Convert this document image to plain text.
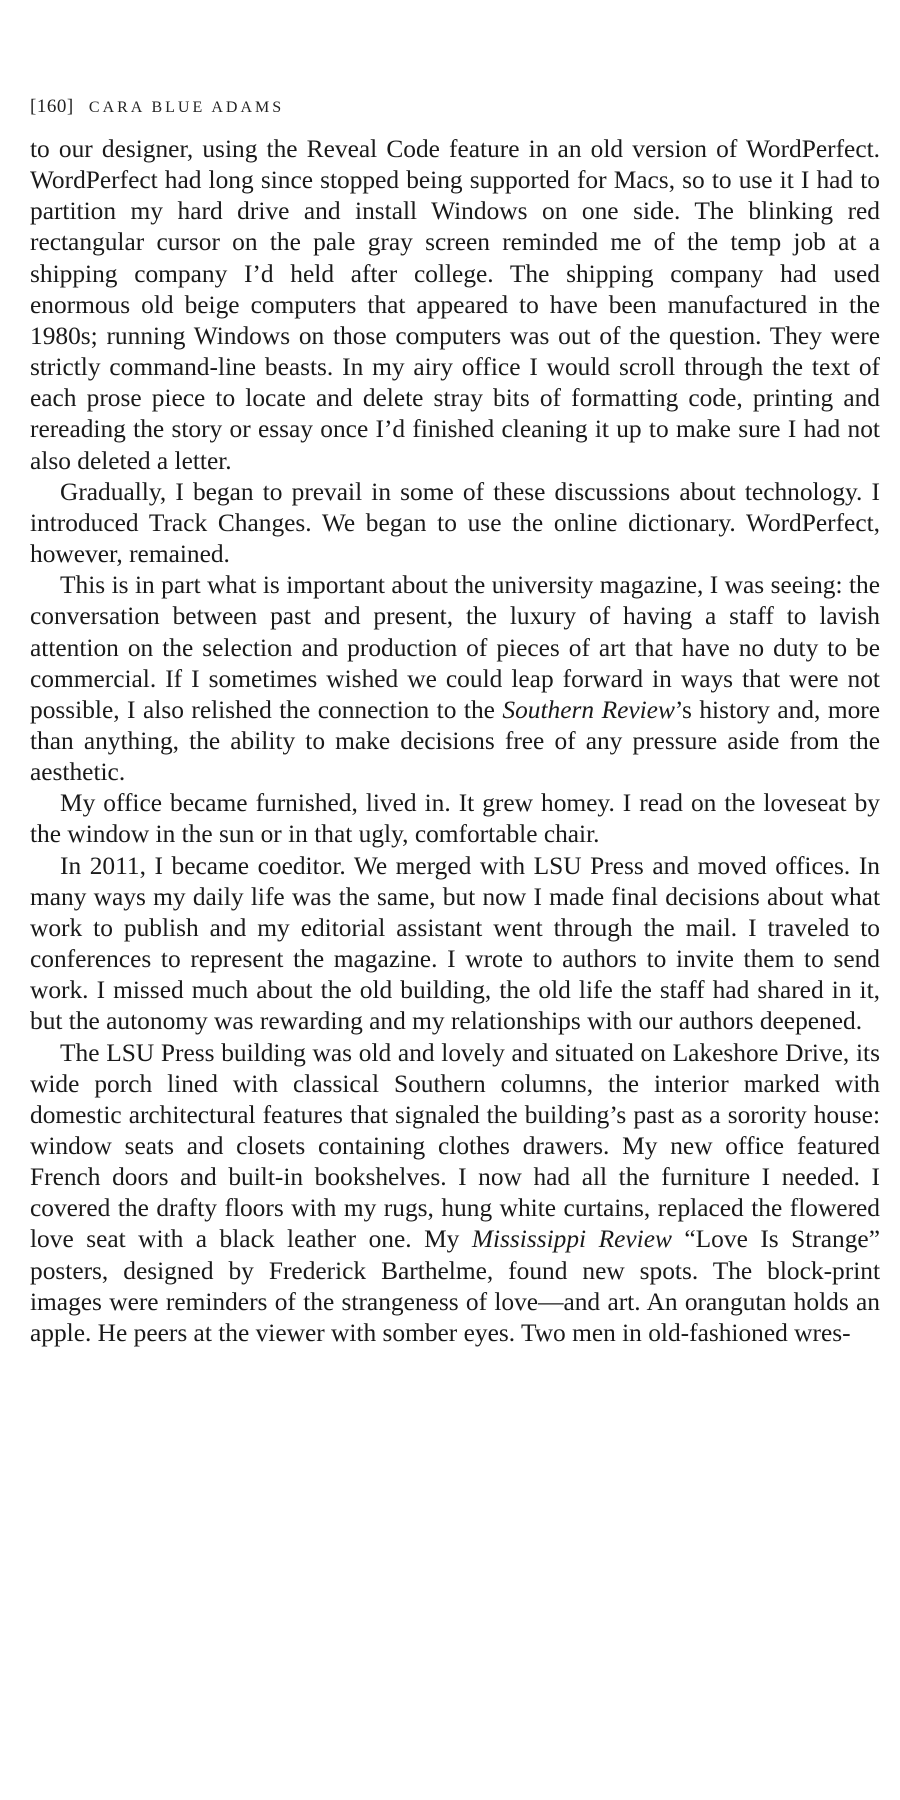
[160] CARA BLUE ADAMS

to our designer, using the Reveal Code feature in an old version of WordPerfect. WordPerfect had long since stopped being supported for Macs, so to use it I had to partition my hard drive and install Windows on one side. The blinking red rectangular cursor on the pale gray screen reminded me of the temp job at a shipping company I’d held after college. The shipping company had used enormous old beige computers that appeared to have been manufactured in the 1980s; running Windows on those computers was out of the question. They were strictly command-line beasts. In my airy office I would scroll through the text of each prose piece to locate and delete stray bits of formatting code, printing and rereading the story or essay once I’d finished cleaning it up to make sure I had not also deleted a letter.

Gradually, I began to prevail in some of these discussions about technology. I introduced Track Changes. We began to use the online dictionary. WordPerfect, however, remained.

This is in part what is important about the university magazine, I was seeing: the conversation between past and present, the luxury of having a staff to lavish attention on the selection and production of pieces of art that have no duty to be commercial. If I sometimes wished we could leap forward in ways that were not possible, I also relished the connection to the Southern Review’s history and, more than anything, the ability to make decisions free of any pressure aside from the aesthetic.

My office became furnished, lived in. It grew homey. I read on the loveseat by the window in the sun or in that ugly, comfortable chair.

In 2011, I became coeditor. We merged with LSU Press and moved offices. In many ways my daily life was the same, but now I made final decisions about what work to publish and my editorial assistant went through the mail. I traveled to conferences to represent the magazine. I wrote to authors to invite them to send work. I missed much about the old building, the old life the staff had shared in it, but the autonomy was rewarding and my relationships with our authors deepened.

The LSU Press building was old and lovely and situated on Lakeshore Drive, its wide porch lined with classical Southern columns, the interior marked with domestic architectural features that signaled the building’s past as a sorority house: window seats and closets containing clothes drawers. My new office featured French doors and built-in bookshelves. I now had all the furniture I needed. I covered the drafty floors with my rugs, hung white curtains, replaced the flowered love seat with a black leather one. My Mississippi Review “Love Is Strange” posters, designed by Frederick Barthelme, found new spots. The block-print images were reminders of the strangeness of love—and art. An orangutan holds an apple. He peers at the viewer with somber eyes. Two men in old-fashioned wres-
